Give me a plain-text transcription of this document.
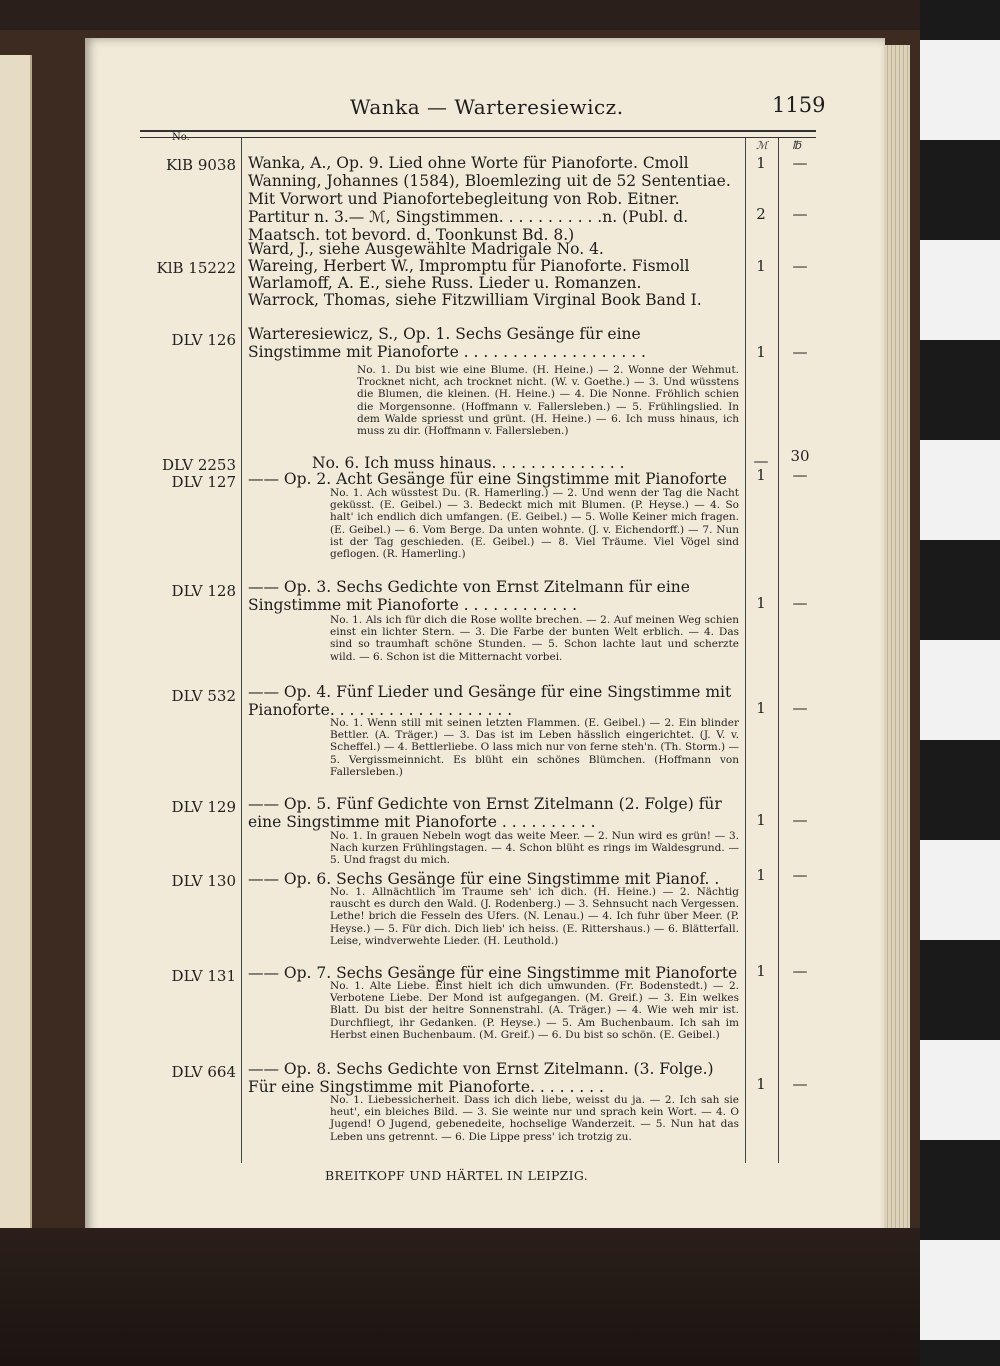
Wanka — Warteresiewicz.	1159
No.
ℳ ℔
KlB 9038 Wanka, A., Op. 9. Lied ohne Worte für Pianoforte. Cmoll	1	—
Wanning, Johannes (1584), Bloemlezing uit de 52 Sententiae. Mit Vorwort und Pianofortebegleitung von Rob. Eitner. Partitur n. 3.— ℳ, Singstimmen. . . . . . . . . . .n. (Publ. d. Maatsch. tot bevord. d. Toonkunst Bd. 8.)
2	—
Ward, J., siehe Ausgewählte Madrigale No. 4.
KlB 15222 Wareing, Herbert W., Impromptu für Pianoforte. Fismoll	1	—
Warlamoff, A. E., siehe Russ. Lieder u. Romanzen.
Warrock, Thomas, siehe Fitzwilliam Virginal Book Band I.
DLV 126 Warteresiewicz, S., Op. 1. Sechs Gesänge für eine Singstimme mit Pianoforte . . . . . . . . . . . . . . . . . . .	1	—
No. 1. Du bist wie eine Blume. (H. Heine.) — 2. Wonne der Wehmut. Trocknet nicht, ach trocknet nicht. (W. v. Goethe.) — 3. Und wüsstens die Blumen, die kleinen. (H. Heine.) — 4. Die Nonne. Fröhlich schien die Morgensonne. (Hoffmann v. Fallersleben.) — 5. Frühlingslied. In dem Walde spriesst und grünt. (H. Heine.) — 6. Ich muss hinaus, ich muss zu dir. (Hoffmann v. Fallersleben.)
DLV 2253	No. 6. Ich muss hinaus. . . . . . . . . . . . . .	— 30
DLV 127 —— Op. 2. Acht Gesänge für eine Singstimme mit Pianoforte	1	—
No. 1. Ach wüsstest Du. (R. Hamerling.) — 2. Und wenn der Tag die Nacht geküsst. (E. Geibel.) — 3. Bedeckt mich mit Blumen. (P. Heyse.) — 4. So halt' ich endlich dich umfangen. (E. Geibel.) — 5. Wolle Keiner mich fragen. (E. Geibel.) — 6. Vom Berge. Da unten wohnte. (J. v. Eichendorff.) — 7. Nun ist der Tag geschieden. (E. Geibel.) — 8. Viel Träume. Viel Vögel sind geflogen. (R. Hamerling.)
DLV 128 —— Op. 3. Sechs Gedichte von Ernst Zitelmann für eine Singstimme mit Pianoforte . . . . . . . . . . . .	1	—
No. 1. Als ich für dich die Rose wollte brechen. — 2. Auf meinen Weg schien einst ein lichter Stern. — 3. Die Farbe der bunten Welt erblich. — 4. Das sind so traumhaft schöne Stunden. — 5. Schon lachte laut und scherzte wild. — 6. Schon ist die Mitternacht vorbei.
DLV 532 —— Op. 4. Fünf Lieder und Gesänge für eine Singstimme mit Pianoforte. . . . . . . . . . . . . . . . . . .	1	—
No. 1. Wenn still mit seinen letzten Flammen. (E. Geibel.) — 2. Ein blinder Bettler. (A. Träger.) — 3. Das ist im Leben hässlich eingerichtet. (J. V. v. Scheffel.) — 4. Bettlerliebe. O lass mich nur von ferne steh'n. (Th. Storm.) — 5. Vergissmeinnicht. Es blüht ein schönes Blümchen. (Hoffmann von Fallersleben.)
DLV 129 —— Op. 5. Fünf Gedichte von Ernst Zitelmann (2. Folge) für eine Singstimme mit Pianoforte . . . . . . . . . .	1	—
No. 1. In grauen Nebeln wogt das weite Meer. — 2. Nun wird es grün! — 3. Nach kurzen Frühlingstagen. — 4. Schon blüht es rings im Waldesgrund. — 5. Und fragst du mich.
DLV 130 —— Op. 6. Sechs Gesänge für eine Singstimme mit Pianof. .	1	—
No. 1. Allnächtlich im Traume seh' ich dich. (H. Heine.) — 2. Nächtig rauscht es durch den Wald. (J. Rodenberg.) — 3. Sehnsucht nach Vergessen. Lethe! brich die Fesseln des Ufers. (N. Lenau.) — 4. Ich fuhr über Meer. (P. Heyse.) — 5. Für dich. Dich lieb' ich heiss. (E. Rittershaus.) — 6. Blätterfall. Leise, windverwehte Lieder. (H. Leuthold.)
DLV 131 —— Op. 7. Sechs Gesänge für eine Singstimme mit Pianoforte 1	—
No. 1. Alte Liebe. Einst hielt ich dich umwunden. (Fr. Bodenstedt.) — 2. Verbotene Liebe. Der Mond ist aufgegangen. (M. Greif.) — 3. Ein welkes Blatt. Du bist der heitre Sonnenstrahl. (A. Träger.) — 4. Wie weh mir ist. Durchfliegt, ihr Gedanken. (P. Heyse.) — 5. Am Buchenbaum. Ich sah im Herbst einen Buchenbaum. (M. Greif.) — 6. Du bist so schön. (E. Geibel.)
DLV 664 —— Op. 8. Sechs Gedichte von Ernst Zitelmann. (3. Folge.) Für eine Singstimme mit Pianoforte. . . . . . . .	1	—
No. 1. Liebessicherheit. Dass ich dich liebe, weisst du ja. — 2. Ich sah sie heut', ein bleiches Bild. — 3. Sie weinte nur und sprach kein Wort. — 4. O Jugend! O Jugend, gebenedeite, hochselige Wanderzeit. — 5. Nun hat das Leben uns getrennt. — 6. Die Lippe press' ich trotzig zu.
BREITKOPF UND HÄRTEL IN LEIPZIG.
